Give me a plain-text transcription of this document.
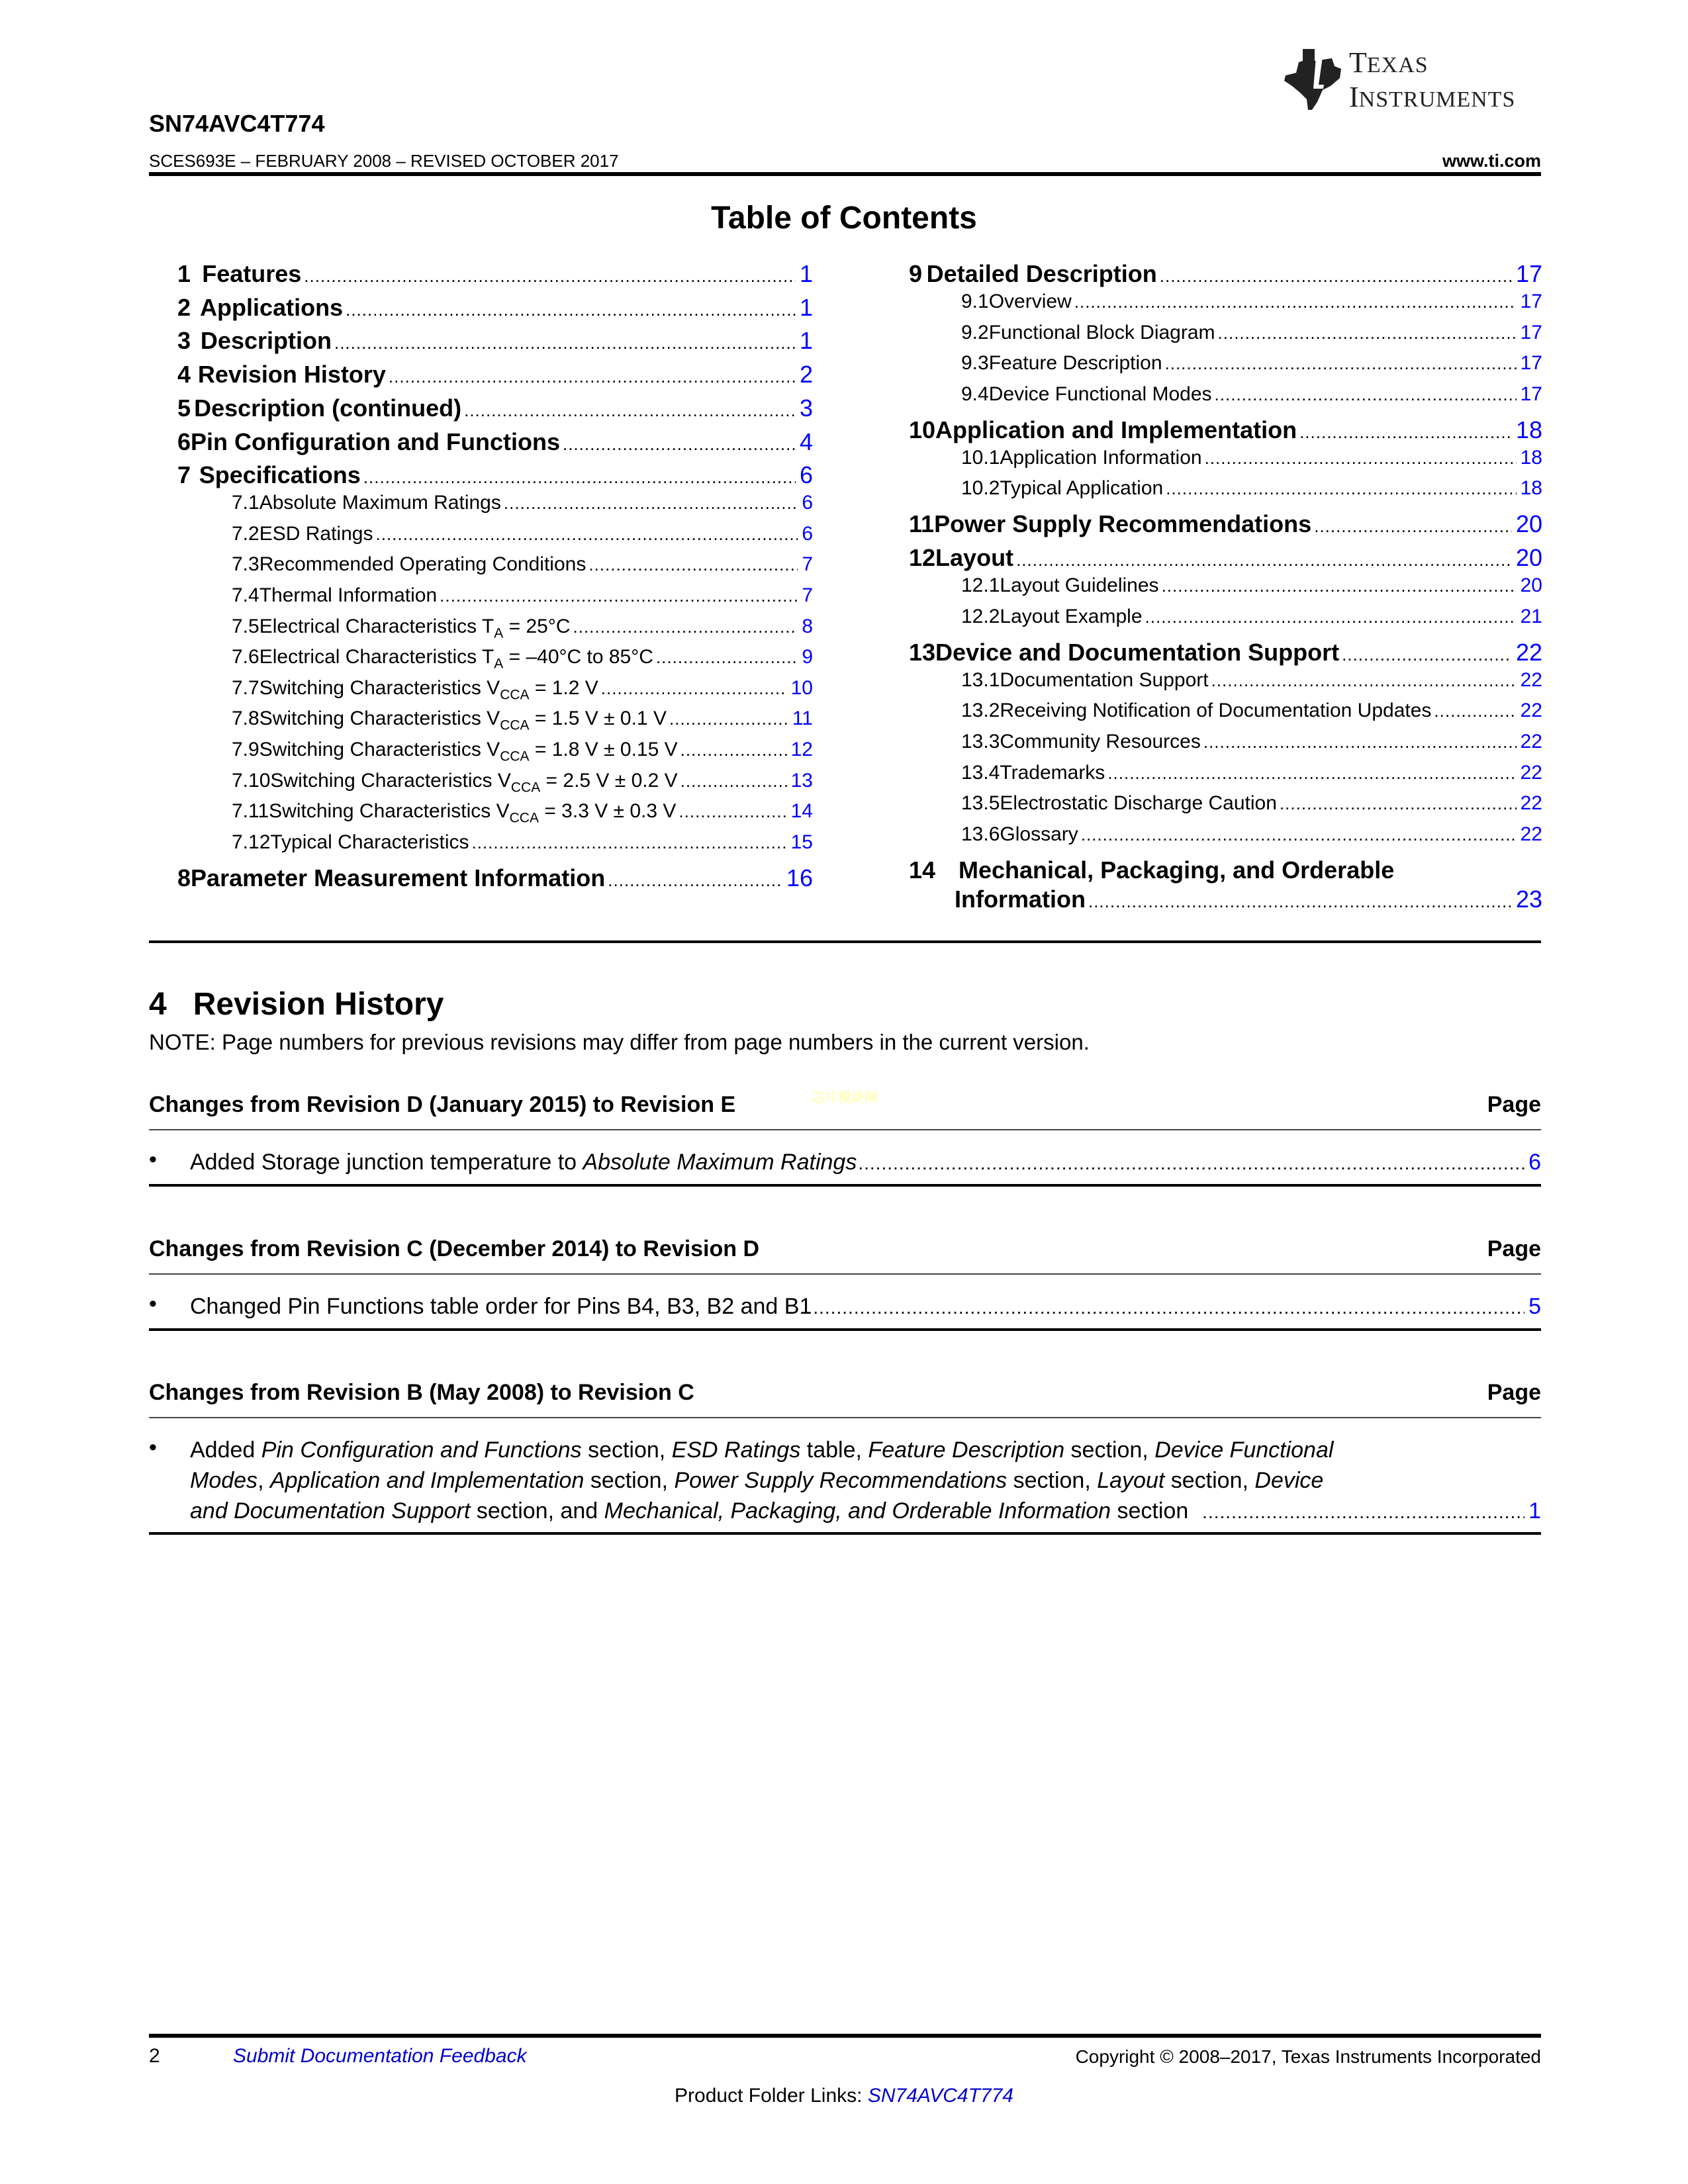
TEXAS
INSTRUMENTS
SN74AVC4T774
SCES693E – FEBRUARY 2008 – REVISED OCTOBER 2017	www.ti.com
Table of Contents
1 Features .....	1
2 Applications .....	1
3 Description .....	1
4 Revision History .....	2
5 Description (continued) .....	3
6 Pin Configuration and Functions .....	4
7 Specifications .....	6
7.1 Absolute Maximum Ratings .....	6
7.2 ESD Ratings .....	6
7.3 Recommended Operating Conditions .....	7
7.4 Thermal Information .....	7
7.5 Electrical Characteristics $T_A = 25^\circ C$ .....	8
7.6 Electrical Characteristics $T_A = -40^\circ C$ to 85°C .....	9
7.7 Switching Characteristics $V_{CCA} = 1.2$ V .....	10
7.8 Switching Characteristics $V_{CCA} = 1.5$ V ± 0.1 V .....	11
7.9 Switching Characteristics $V_{CCA} = 1.8$ V ± 0.15 V .....	12
7.10 Switching Characteristics $V_{CCA} = 2.5$ V ± 0.2 V .....	13
7.11 Switching Characteristics $V_{CCA} = 3.3$ V ± 0.3 V .....	14
7.12 Typical Characteristics .....	15
8 Parameter Measurement Information .....	16
9 Detailed Description .....	17
9.1 Overview .....	17
9.2 Functional Block Diagram .....	17
9.3 Feature Description .....	17
9.4 Device Functional Modes .....	17
10 Application and Implementation .....	18
10.1 Application Information .....	18
10.2 Typical Application .....	18
11 Power Supply Recommendations .....	20
12 Layout .....	20
12.1 Layout Guidelines .....	20
12.2 Layout Example .....	21
13 Device and Documentation Support .....	22
13.1 Documentation Support .....	22
13.2 Receiving Notification of Documentation Updates .....	22
13.3 Community Resources .....	22
13.4 Trademarks .....	22
13.5 Electrostatic Discharge Caution .....	22
13.6 Glossary .....	22
14 Mechanical, Packaging, and Orderable
Information .....	23
4   Revision History
NOTE: Page numbers for previous revisions may differ from page numbers in the current version.
芯片模块网
Changes from Revision D (January 2015) to Revision E	Page
• Added Storage junction temperature to Absolute Maximum Ratings .....	6
Changes from Revision C (December 2014) to Revision D	Page
• Changed Pin Functions table order for Pins B4, B3, B2 and B1 .....	5
Changes from Revision B (May 2008) to Revision C	Page
• Added Pin Configuration and Functions section, ESD Ratings table, Feature Description section, Device Functional
Modes , Application and Implementation section, Power Supply Recommendations section, Layout section, Device
and Documentation Support section, and Mechanical, Packaging, and Orderable Information section
.....	1
2	Submit Documentation Feedback	Copyright © 2008–2017, Texas Instruments Incorporated
Product Folder Links: SN74AVC4T774
